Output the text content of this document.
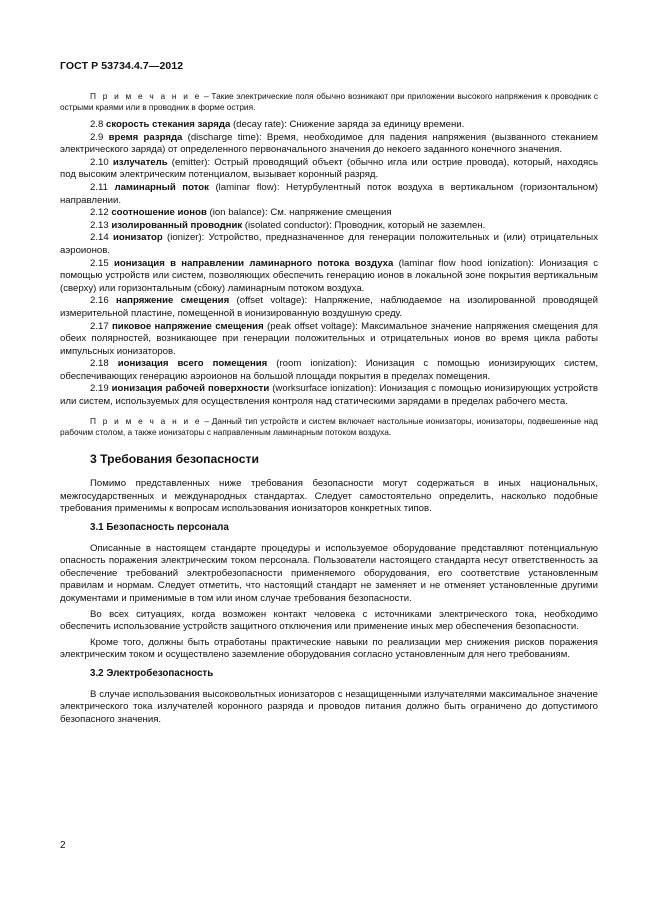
ГОСТ Р 53734.4.7—2012

П р и м е ч а н и е – Такие электрические поля обычно возникают при приложении высокого напряжения к проводник с острыми краями или в проводник в форме острия.

2.8 скорость стекания заряда (decay rate): Снижение заряда за единицу времени.

2.9 время разряда (discharge time): Время, необходимое для падения напряжения (вызванного стеканием электрического заряда) от определенного первоначального значения до некоего заданного конечного значения.

2.10 излучатель (emitter): Острый проводящий объект (обычно игла или острие провода), который, находясь под высоким электрическим потенциалом, вызывает коронный разряд.

2.11 ламинарный поток (laminar flow): Нетурбулентный поток воздуха в вертикальном (горизонтальном) направлении.

2.12 соотношение ионов (ion balance): См. напряжение смещения

2.13 изолированный проводник (isolated conductor): Проводник, который не заземлен.

2.14 ионизатор (ionizer): Устройство, предназначенное для генерации положительных и (или) отрицательных аэроионов.

2.15 ионизация в направлении ламинарного потока воздуха (laminar flow hood ionization): Ионизация с помощью устройств или систем, позволяющих обеспечить генерацию ионов в локальной зоне покрытия вертикальным (сверху) или горизонтальным (сбоку) ламинарным потоком воздуха.

2.16 напряжение смещения (offset voltage): Напряжение, наблюдаемое на изолированной проводящей измерительной пластине, помещенной в ионизированную воздушную среду.

2.17 пиковое напряжение смещения (peak offset voltage): Максимальное значение напряжения смещения для обеих полярностей, возникающее при генерации положительных и отрицательных ионов во время цикла работы импульсных ионизаторов.

2.18 ионизация всего помещения (room ionization): Ионизация с помощью ионизирующих систем, обеспечивающих генерацию аэроионов на большой площади покрытия в пределах помещения.

2.19 ионизация рабочей поверхности (worksurface ionization): Ионизация с помощью ионизирующих устройств или систем, используемых для осуществления контроля над статическими зарядами в пределах рабочего места.

П р и м е ч а н и е – Данный тип устройств и систем включает настольные ионизаторы, ионизаторы, подвешенные над рабочим столом, а также ионизаторы с направленным ламинарным потоком воздуха.

3 Требования безопасности

Помимо представленных ниже требования безопасности могут содержаться в иных национальных, межгосударственных и международных стандартах. Следует самостоятельно определить, насколько подобные требования применимы к вопросам использования ионизаторов конкретных типов.

3.1 Безопасность персонала

Описанные в настоящем стандарте процедуры и используемое оборудование представляют потенциальную опасность поражения электрическим током персонала. Пользователи настоящего стандарта несут ответственность за обеспечение требований электробезопасности применяемого оборудования, его соответствие установленным правилам и нормам. Следует отметить, что настоящий стандарт не заменяет и не отменяет установленные другими документами и применимые в том или ином случае требования безопасности.

Во всех ситуациях, когда возможен контакт человека с источниками электрического тока, необходимо обеспечить использование устройств защитного отключения или применение иных мер обеспечения безопасности.

Кроме того, должны быть отработаны практические навыки по реализации мер снижения рисков поражения электрическим током и осуществлено заземление оборудования согласно установленным для него требованиям.

3.2 Электробезопасность

В случае использования высоковольтных ионизаторов с незащищенными излучателями максимальное значение электрического тока излучателей коронного разряда и проводов питания должно быть ограничено до допустимого безопасного значения.

2
